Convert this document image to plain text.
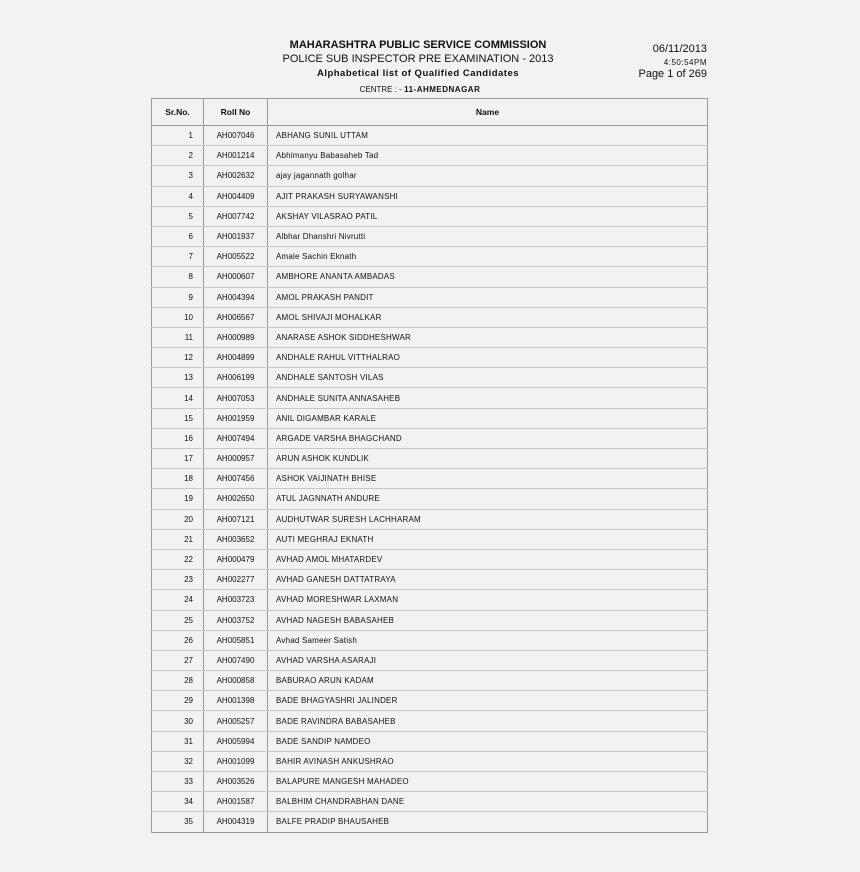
MAHARASHTRA PUBLIC SERVICE COMMISSION
POLICE SUB INSPECTOR PRE EXAMINATION - 2013
Alphabetical list of Qualified Candidates
06/11/2013
4:50:54PM
Page 1 of 269
CENTRE : - 11-AHMEDNAGAR
Sr.No.	Roll No	Name
1	AH007046	ABHANG SUNIL UTTAM
2	AH001214	Abhimanyu Babasaheb Tad
3	AH002632	ajay jagannath golhar
4	AH004409	AJIT PRAKASH SURYAWANSHI
5	AH007742	AKSHAY VILASRAO PATIL
6	AH001937	Albhar Dhanshri Nivrutti
7	AH005522	Amale Sachin Eknath
8	AH000607	AMBHORE ANANTA AMBADAS
9	AH004394	AMOL PRAKASH PANDIT
10	AH006567	AMOL SHIVAJI MOHALKAR
11	AH000989	ANARASE ASHOK SIDDHESHWAR
12	AH004899	ANDHALE RAHUL VITTHALRAO
13	AH006199	ANDHALE SANTOSH VILAS
14	AH007053	ANDHALE SUNITA ANNASAHEB
15	AH001959	ANIL DIGAMBAR KARALE
16	AH007494	ARGADE VARSHA BHAGCHAND
17	AH000957	ARUN ASHOK KUNDLIK
18	AH007456	ASHOK VAIJINATH BHISE
19	AH002650	ATUL JAGNNATH ANDURE
20	AH007121	AUDHUTWAR SURESH LACHHARAM
21	AH003652	AUTI MEGHRAJ EKNATH
22	AH000479	AVHAD AMOL MHATARDEV
23	AH002277	AVHAD GANESH DATTATRAYA
24	AH003723	AVHAD MORESHWAR LAXMAN
25	AH003752	AVHAD NAGESH BABASAHEB
26	AH005851	Avhad Sameer Satish
27	AH007490	AVHAD VARSHA ASARAJI
28	AH000858	BABURAO ARUN KADAM
29	AH001398	BADE BHAGYASHRI JALINDER
30	AH005257	BADE RAVINDRA BABASAHEB
31	AH005994	BADE SANDIP NAMDEO
32	AH001099	BAHIR AVINASH ANKUSHRAO
33	AH003526	BALAPURE MANGESH MAHADEO
34	AH001587	BALBHIM CHANDRABHAN DANE
35	AH004319	BALFE PRADIP BHAUSAHEB
